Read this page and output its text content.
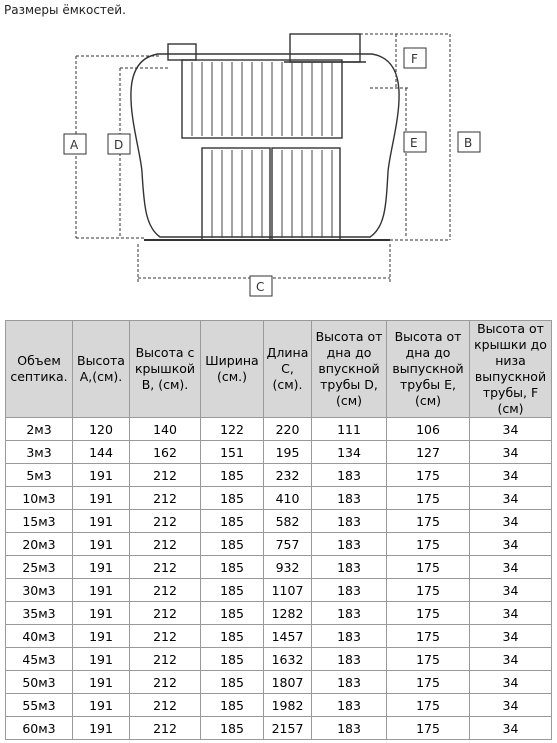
Размеры ёмкостей.
A	D
F
E	B
C
Объем септика.	Высота А,(см).	Высота с крышкой В, (см).	Ширина (см.)	Длина С, (см).	Высота от дна до впускной трубы D, (см)	Высота от дна до выпускной трубы Е, (см)	Высота от крышки до низа выпускной трубы, F (см)
2м3	120	140	122	220	111	106	34
3м3	144	162	151	195	134	127	34
5м3	191	212	185	232	183	175	34
10м3	191	212	185	410	183	175	34
15м3	191	212	185	582	183	175	34
20м3	191	212	185	757	183	175	34
25м3	191	212	185	932	183	175	34
30м3	191	212	185	1107	183	175	34
35м3	191	212	185	1282	183	175	34
40м3	191	212	185	1457	183	175	34
45м3	191	212	185	1632	183	175	34
50м3	191	212	185	1807	183	175	34
55м3	191	212	185	1982	183	175	34
60м3	191	212	185	2157	183	175	34
